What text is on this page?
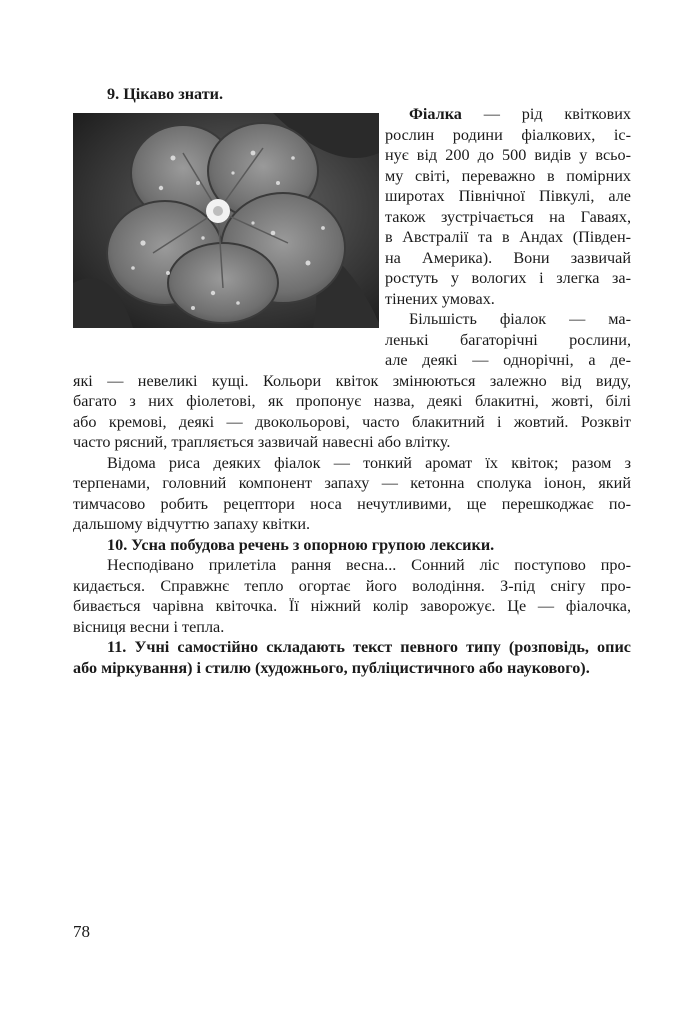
9. Цікаво знати.
Фіалка — рід квіткових
рослин родини фіалкових, іс-
нує від 200 до 500 видів у всьо-
му світі, переважно в помірних
широтах Північної Півкулі, але
також зустрічається на Гаваях,
в Австралії та в Андах (Півден-
на Америка). Вони зазвичай
ростуть у вологих і злегка за-
тінених умовах.
Більшість фіалок — ма-
ленькі багаторічні рослини,
але деякі — однорічні, а де-
які — невеликі кущі. Кольори квіток змінюються залежно від виду,
багато з них фіолетові, як пропонує назва, деякі блакитні, жовті, білі
або кремові, деякі — двокольорові, часто блакитний і жовтий. Розквіт
часто рясний, трапляється зазвичай навесні або влітку.
Відома риса деяких фіалок — тонкий аромат їх квіток; разом з
терпенами, головний компонент запаху — кетонна сполука іонон, який
тимчасово робить рецептори носа нечутливими, ще перешкоджає по-
дальшому відчуттю запаху квітки.
10. Усна побудова речень з опорною групою лексики.
Несподівано прилетіла рання весна... Сонний ліс поступово про-
кидається. Справжнє тепло огортає його володіння. З-під снігу про-
бивається чарівна квіточка. Її ніжний колір заворожує. Це — фіалочка,
вісниця весни і тепла.
11. Учні самостійно складають текст певного типу (розповідь, опис
або міркування) і стилю (художнього, публіцистичного або наукового).
78
